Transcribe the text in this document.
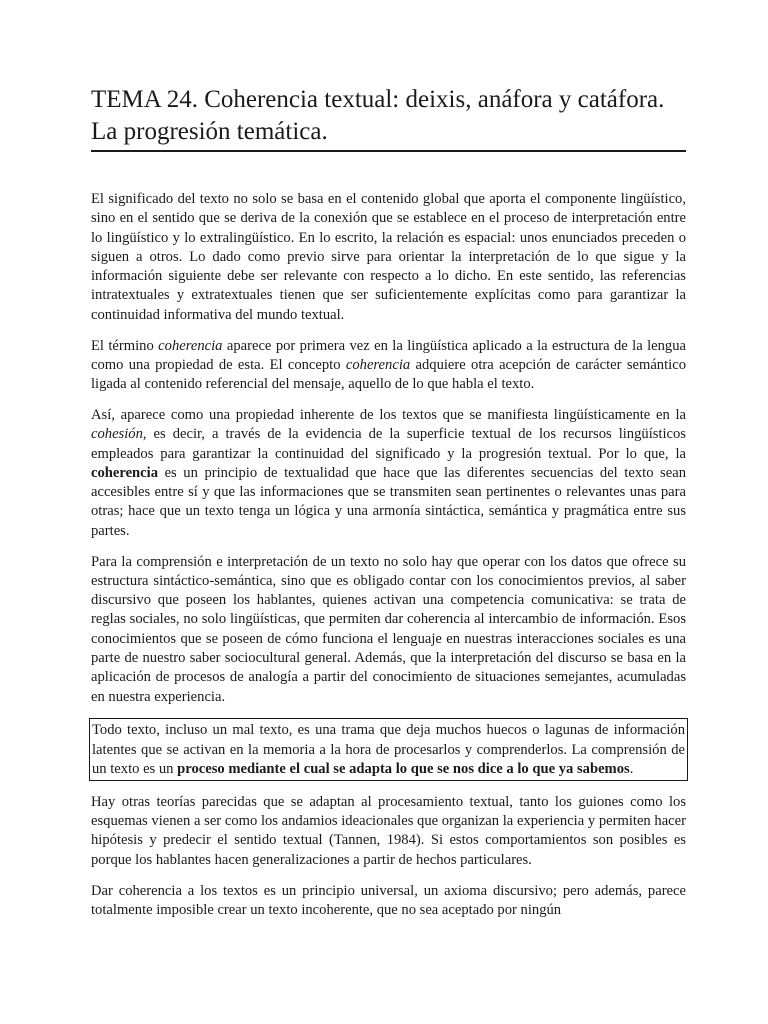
TEMA 24. Coherencia textual: deixis, anáfora y catáfora.
La progresión temática.

El significado del texto no solo se basa en el contenido global que aporta el componente lingüístico, sino en el sentido que se deriva de la conexión que se establece en el proceso de interpretación entre lo lingüístico y lo extralingüístico. En lo escrito, la relación es espacial: unos enunciados preceden o siguen a otros. Lo dado como previo sirve para orientar la interpretación de lo que sigue y la información siguiente debe ser relevante con respecto a lo dicho. En este sentido, las referencias intratextuales y extratextuales tienen que ser suficientemente explícitas como para garantizar la continuidad informativa del mundo textual.

El término coherencia aparece por primera vez en la lingüística aplicado a la estructura de la lengua como una propiedad de esta. El concepto coherencia adquiere otra acepción de carácter semántico ligada al contenido referencial del mensaje, aquello de lo que habla el texto.

Así, aparece como una propiedad inherente de los textos que se manifiesta lingüísticamente en la cohesión, es decir, a través de la evidencia de la superficie textual de los recursos lingüísticos empleados para garantizar la continuidad del significado y la progresión textual. Por lo que, la coherencia es un principio de textualidad que hace que las diferentes secuencias del texto sean accesibles entre sí y que las informaciones que se transmiten sean pertinentes o relevantes unas para otras; hace que un texto tenga un lógica y una armonía sintáctica, semántica y pragmática entre sus partes.

Para la comprensión e interpretación de un texto no solo hay que operar con los datos que ofrece su estructura sintáctico-semántica, sino que es obligado contar con los conocimientos previos, al saber discursivo que poseen los hablantes, quienes activan una competencia comunicativa: se trata de reglas sociales, no solo lingüísticas, que permiten dar coherencia al intercambio de información. Esos conocimientos que se poseen de cómo funciona el lenguaje en nuestras interacciones sociales es una parte de nuestro saber sociocultural general. Además, que la interpretación del discurso se basa en la aplicación de procesos de analogía a partir del conocimiento de situaciones semejantes, acumuladas en nuestra experiencia.

Todo texto, incluso un mal texto, es una trama que deja muchos huecos o lagunas de información latentes que se activan en la memoria a la hora de procesarlos y comprenderlos. La comprensión de un texto es un proceso mediante el cual se adapta lo que se nos dice a lo que ya sabemos.

Hay otras teorías parecidas que se adaptan al procesamiento textual, tanto los guiones como los esquemas vienen a ser como los andamios ideacionales que organizan la experiencia y permiten hacer hipótesis y predecir el sentido textual (Tannen, 1984). Si estos comportamientos son posibles es porque los hablantes hacen generalizaciones a partir de hechos particulares.

Dar coherencia a los textos es un principio universal, un axioma discursivo; pero además, parece totalmente imposible crear un texto incoherente, que no sea aceptado por ningún
